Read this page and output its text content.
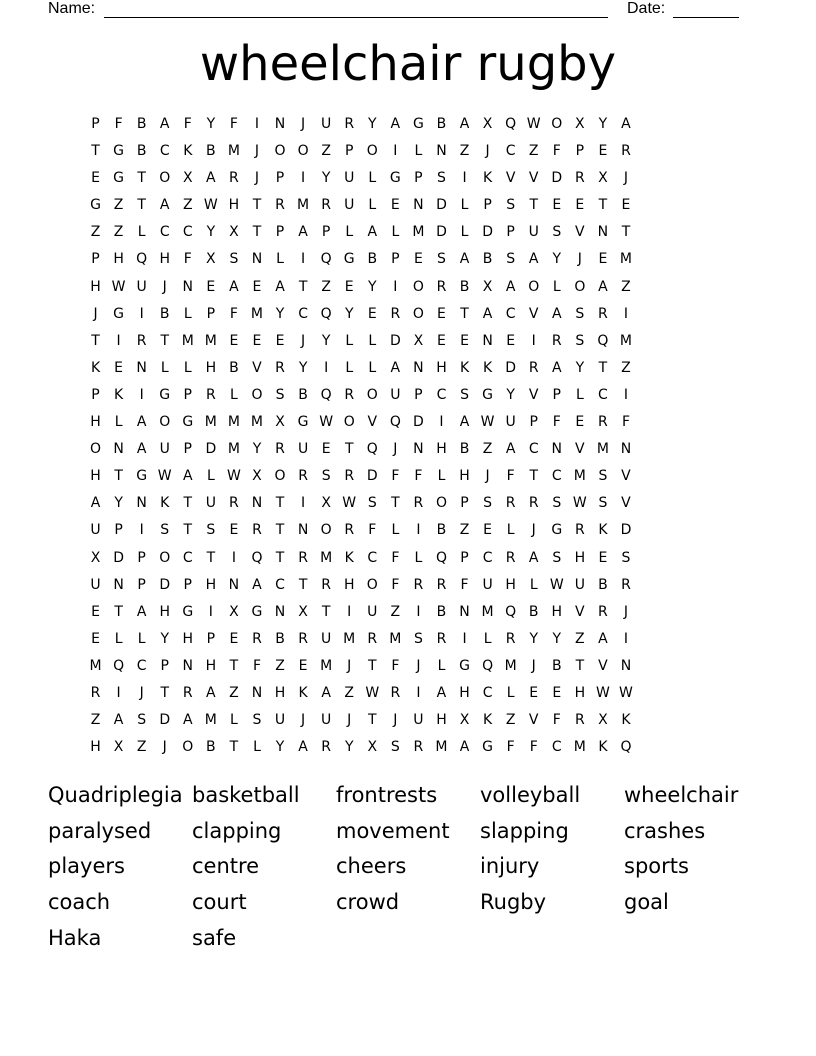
Name:	Date:
wheelchair rugby
P	F	B A	F	Y	F	I	N	J	U R Y A G B A X Q W O X Y A
T G B C K B M	J	O O Z	P O	I	L N Z	J	C Z	F	P	E R
E G T O X A R	J	P	I	Y U	L G P	S	I	K V V D R X	J
G Z T A Z W H T R M R U	L	E N D L	P	S	T	E	E	T	E
Z Z	L	C C Y X T	P	A	P	L	A	L M D L D P U S V N T
P H Q H F	X S N L	I	Q G B	P	E	S A B S A	Y	J	E M
H W U	J	N E A E A	T Z E	Y	I	O R B X A O L O A Z
J	G	I	B	L	P	F M Y C Q Y	E R O E	T A C V A S R	I
T	I	R T M M E	E	E	J	Y	L	L D X E	E N E	I	R S Q M
K	E N L	L H B V R Y	I	L	L	A N H K K D R A	Y	T Z
P	K	I	G P R	L O S B Q R O U P C S G Y V	P	L	C	I
H L	A O G M M M X G W O V Q D	I	A W U P	F	E R	F
O N A U P D M Y R U E	T Q	J	N H B Z A C N V M N
H T G W A	L W X O R S R D F	F	L H	J	F	T C M S V
A	Y N K	T U R N T	I	X W S	T R O P	S R R S W S V
U P	I	S	T	S	E R T N O R	F	L	I	B Z E	L	J	G R K D
X D P O C T	I	Q T R M K C	F	L Q P C R A S H E	S
U N P D P H N A C T R H O F	R R	F U H L W U B R
E	T A H G	I	X G N X T	I	U Z	I	B N M Q B H V R	J
E	L	L	Y H P	E R B R U M R M S R	I	L	R Y	Y Z A	I
M Q C P N H T	F	Z E M	J	T	F	J	L G Q M	J	B T V N
R	I	J	T R A Z N H K A Z W R	I	A H C	L	E	E H W W
Z A S D A M L	S U	J	U	J	T	J	U H X K Z V	F	R X K
H X Z	J	O B T	L	Y A R Y X S R M A G F	F	C M K Q
Quadriplegia basketball	frontrests	volleyball	wheelchair
paralysed	clapping	movement	slapping	crashes
players	centre	cheers	injury	sports
coach	court	crowd	Rugby	goal
Haka	safe
